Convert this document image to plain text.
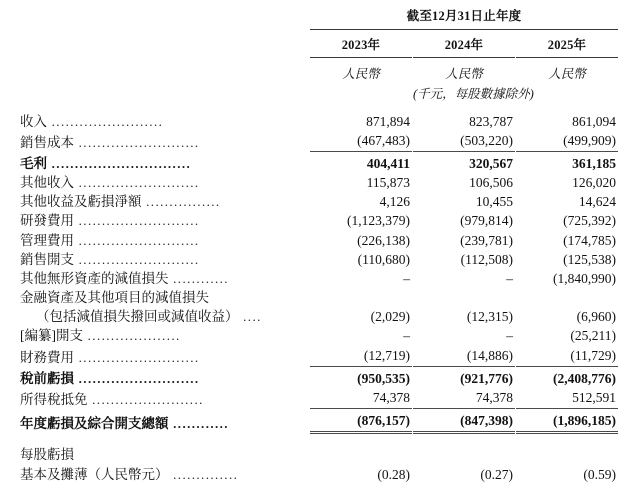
	截至12月31日止年度		

	2023年		2024年		2025年

	人民幣		人民幣		人民幣
			(千元，每股數據除外)		
收入 ........................	871,894		823,787		861,094
銷售成本 ..........................	(467,483)		(503,220)		(499,909)
毛利 ..............................	404,411		320,567		361,185
其他收入 ..........................	115,873		106,506		126,020
其他收益及虧損淨額 ................	4,126		10,455		14,624
研發費用 ..........................	(1,123,379)		(979,814)		(725,392)
管理費用 ..........................	(226,138)		(239,781)		(174,785)
銷售開支 ..........................	(110,680)		(112,508)		(125,538)
其他無形資產的減值損失 ............	–		–		(1,840,990)
金融資產及其他項目的減值損失					
（包括減值損失撥回或減值收益） ....	(2,029)		(12,315)		(6,960)
[編纂]開支 ....................	–		–		(25,211)
財務費用 ..........................	(12,719)		(14,886)		(11,729)
稅前虧損 ..........................	(950,535)		(921,776)		(2,408,776)
所得稅抵免 ........................	74,378		74,378		512,591
年度虧損及綜合開支總額 ............	(876,157)		(847,398)		(1,896,185)

每股虧損					
基本及攤薄（人民幣元） ..............	(0.28)		(0.27)		(0.59)
